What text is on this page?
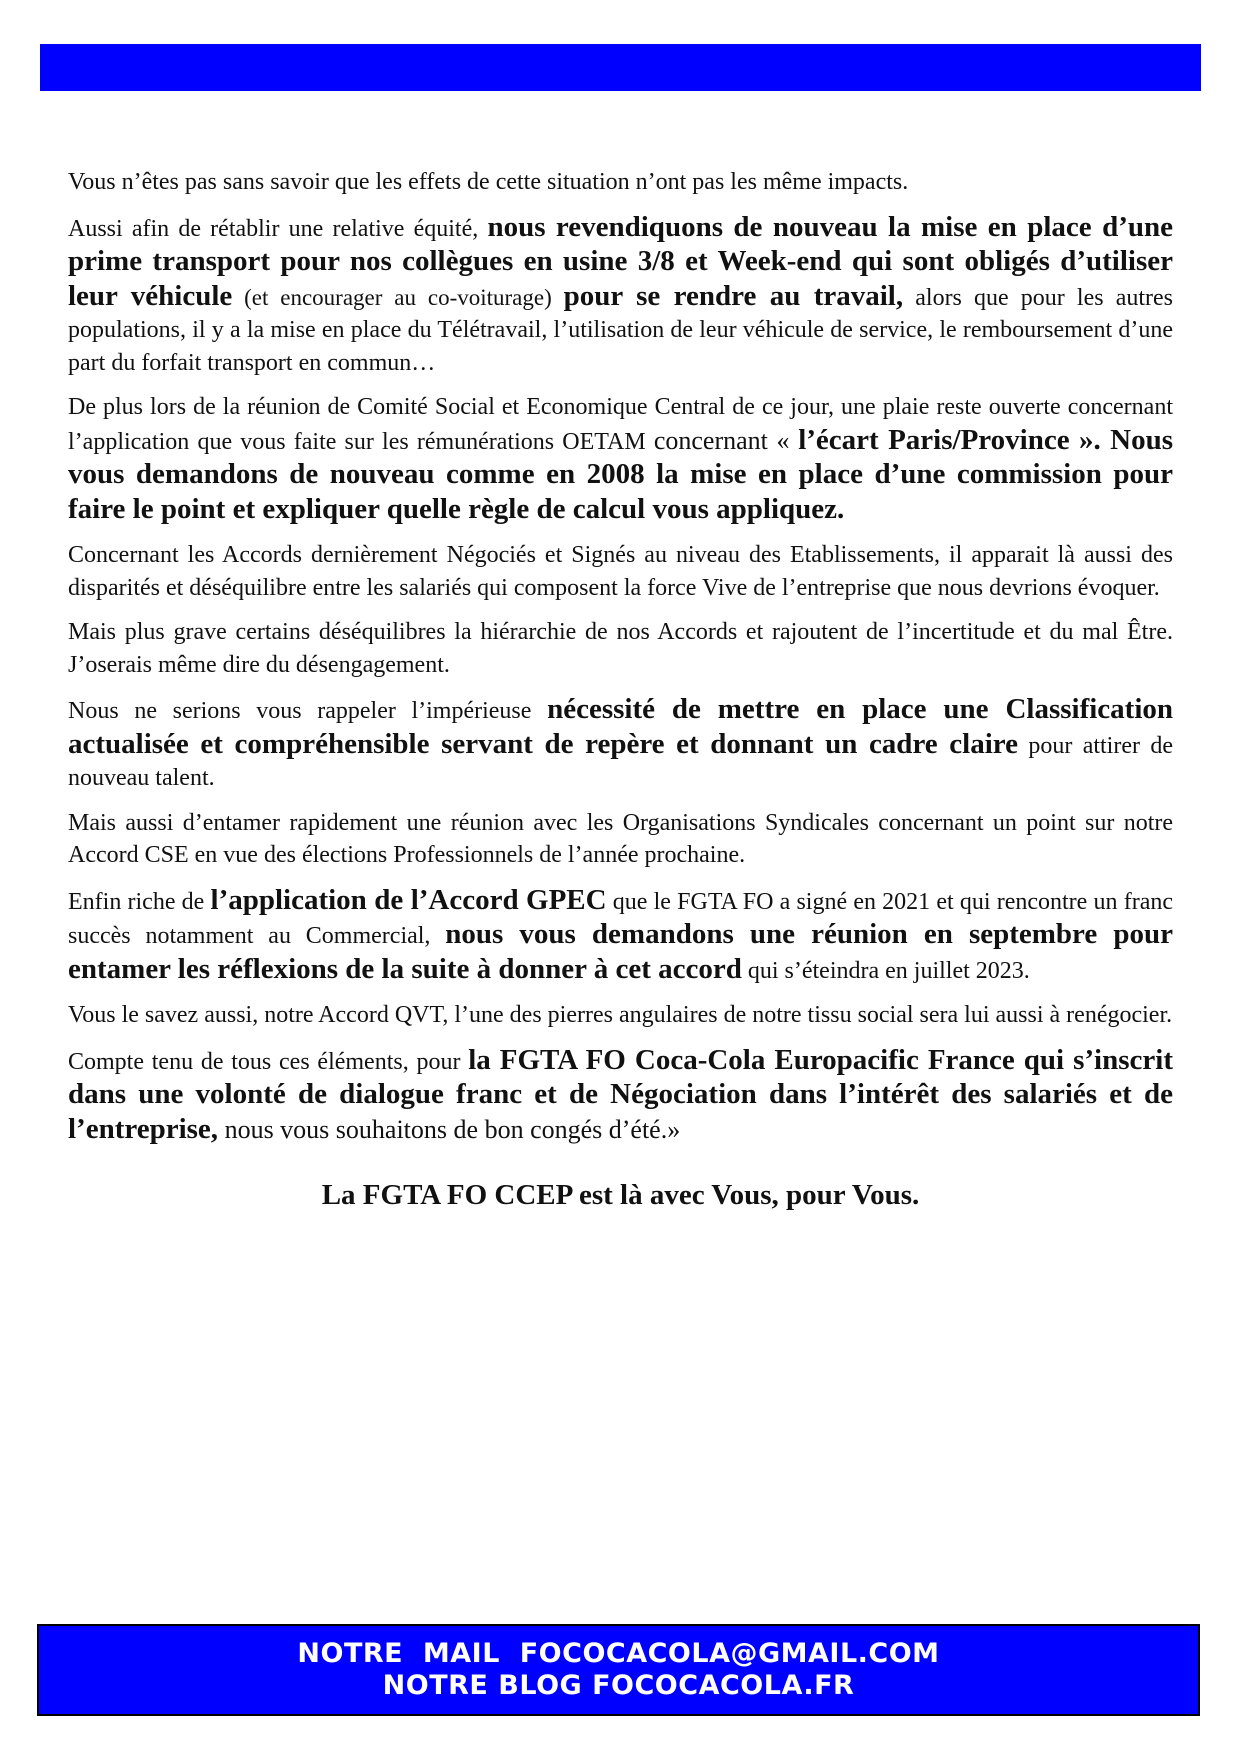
Vous n’êtes pas sans savoir que les effets de cette situation n’ont pas les même impacts.

Aussi afin de rétablir une relative équité, nous revendiquons de nouveau la mise en place d’une prime transport pour nos collègues en usine 3/8 et Week-end qui sont obligés d’utiliser leur véhicule (et encourager au co-voiturage) pour se rendre au travail, alors que pour les autres populations, il y a la mise en place du Télétravail, l’utilisation de leur véhicule de service, le remboursement d’une part du forfait transport en commun…

De plus lors de la réunion de Comité Social et Economique Central de ce jour, une plaie reste ouverte concernant l’application que vous faite sur les rémunérations OETAM concernant « l’écart Paris/Province ». Nous vous demandons de nouveau comme en 2008 la mise en place d’une commission pour faire le point et expliquer quelle règle de calcul vous appliquez.

Concernant les Accords dernièrement Négociés et Signés au niveau des Etablissements, il apparait là aussi des disparités et déséquilibre entre les salariés qui composent la force Vive de l’entreprise que nous devrions évoquer.

Mais plus grave certains déséquilibres la hiérarchie de nos Accords et rajoutent de l’incertitude et du mal Être. J’oserais même dire du désengagement.

Nous ne serions vous rappeler l’impérieuse nécessité de mettre en place une Classification actualisée et compréhensible servant de repère et donnant un cadre claire pour attirer de nouveau talent.

Mais aussi d’entamer rapidement une réunion avec les Organisations Syndicales concernant un point sur notre Accord CSE en vue des élections Professionnels de l’année prochaine.

Enfin riche de l’application de l’Accord GPEC que le FGTA FO a signé en 2021 et qui rencontre un franc succès notamment au Commercial, nous vous demandons une réunion en septembre pour entamer les réflexions de la suite à donner à cet accord qui s’éteindra en juillet 2023.

Vous le savez aussi, notre Accord QVT, l’une des pierres angulaires de notre tissu social sera lui aussi à renégocier.

Compte tenu de tous ces éléments, pour la FGTA FO Coca-Cola Europacific France qui s’inscrit dans une volonté de dialogue franc et de Négociation dans l’intérêt des salariés et de l’entreprise, nous vous souhaitons de bon congés d’été.»

La FGTA FO CCEP est là avec Vous, pour Vous.

NOTRE  MAIL  FOCOCACOLA@GMAIL.COM
NOTRE BLOG FOCOCACOLA.FR
